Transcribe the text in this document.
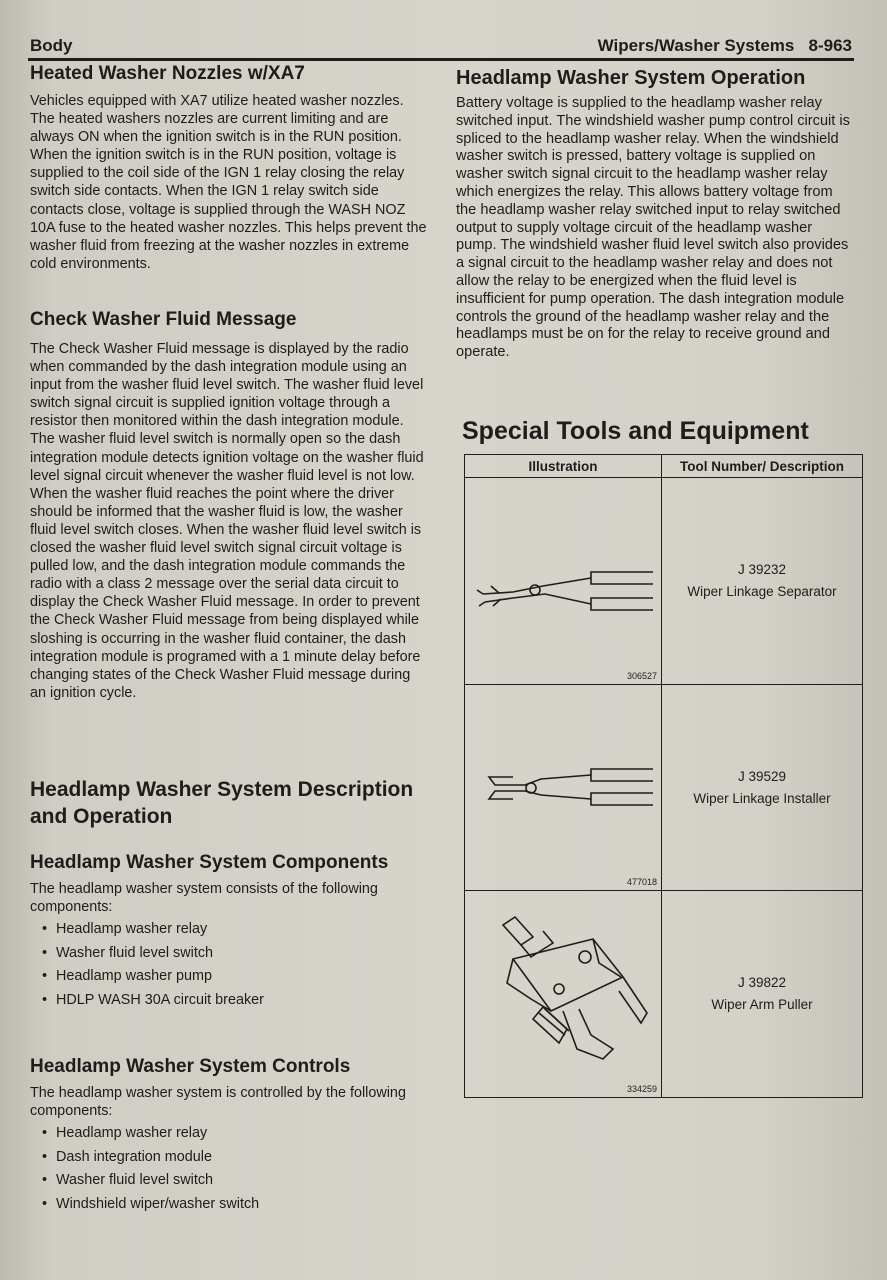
Body	Wipers/Washer Systems 8-963
Heated Washer Nozzles w/XA7

Vehicles equipped with XA7 utilize heated washer nozzles. The heated washers nozzles are current limiting and are always ON when the ignition switch is in the RUN position. When the ignition switch is in the RUN position, voltage is supplied to the coil side of the IGN 1 relay closing the relay switch side contacts. When the IGN 1 relay switch side contacts close, voltage is supplied through the WASH NOZ 10A fuse to the heated washer nozzles. This helps prevent the washer fluid from freezing at the washer nozzles in extreme cold environments.

Check Washer Fluid Message

The Check Washer Fluid message is displayed by the radio when commanded by the dash integration module using an input from the washer fluid level switch. The washer fluid level switch signal circuit is supplied ignition voltage through a resistor then monitored within the dash integration module. The washer fluid level switch is normally open so the dash integration module detects ignition voltage on the washer fluid level signal circuit whenever the washer fluid level is not low. When the washer fluid reaches the point where the driver should be informed that the washer fluid is low, the washer fluid level switch closes. When the washer fluid level switch is closed the washer fluid level switch signal circuit voltage is pulled low, and the dash integration module commands the radio with a class 2 message over the serial data circuit to display the Check Washer Fluid message. In order to prevent the Check Washer Fluid message from being displayed while sloshing is occurring in the washer fluid container, the dash integration module is programed with a 1 minute delay before changing states of the Check Washer Fluid message during an ignition cycle.

Headlamp Washer System Description and Operation
Headlamp Washer System Components

The headlamp washer system consists of the following components:

• Headlamp washer relay
• Washer fluid level switch
• Headlamp washer pump
• HDLP WASH 30A circuit breaker
Headlamp Washer System Controls

The headlamp washer system is controlled by the following components:

• Headlamp washer relay
• Dash integration module
• Washer fluid level switch
• Windshield wiper/washer switch
Headlamp Washer System Operation

Battery voltage is supplied to the headlamp washer relay switched input. The windshield washer pump control circuit is spliced to the headlamp washer relay. When the windshield washer switch is pressed, battery voltage is supplied on washer switch signal circuit to the headlamp washer relay which energizes the relay. This allows battery voltage from the headlamp washer relay switched input to relay switched output to supply voltage circuit of the headlamp washer pump. The windshield washer fluid level switch also provides a signal circuit to the headlamp washer relay and does not allow the relay to be energized when the fluid level is insufficient for pump operation. The dash integration module controls the ground of the headlamp washer relay and the headlamps must be on for the relay to receive ground and operate.

Special Tools and Equipment
Illustration	Tool Number/ Description

306527	J 39232
Wiper Linkage Separator

477018	J 39529
Wiper Linkage Installer

334259	J 39822
Wiper Arm Puller
